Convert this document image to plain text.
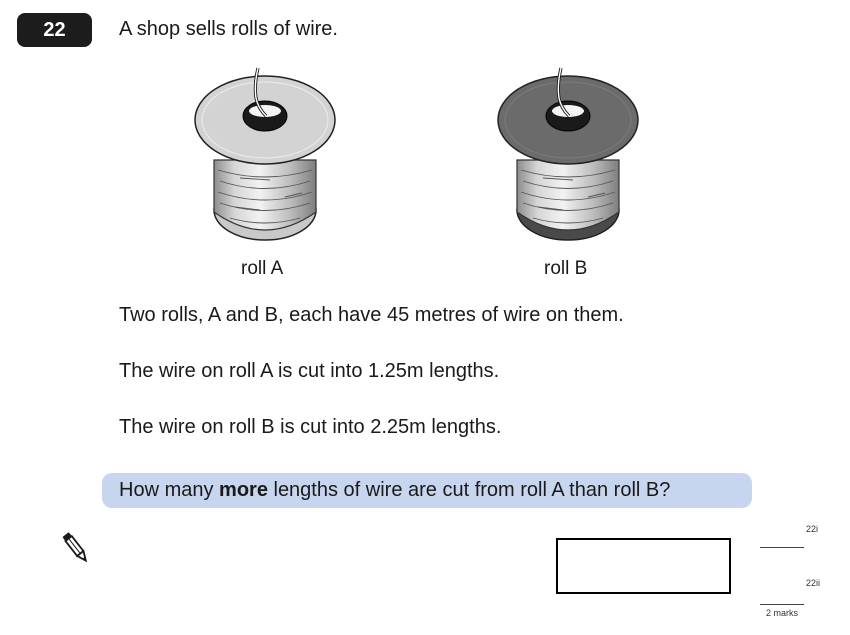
22	A shop sells rolls of wire.
roll A	roll B
Two rolls, A and B, each have 45 metres of wire on them.
The wire on roll A is cut into 1.25m lengths.
The wire on roll B is cut into 2.25m lengths.
How many more lengths of wire are cut from roll A than roll B?
22i
22ii
2 marks
